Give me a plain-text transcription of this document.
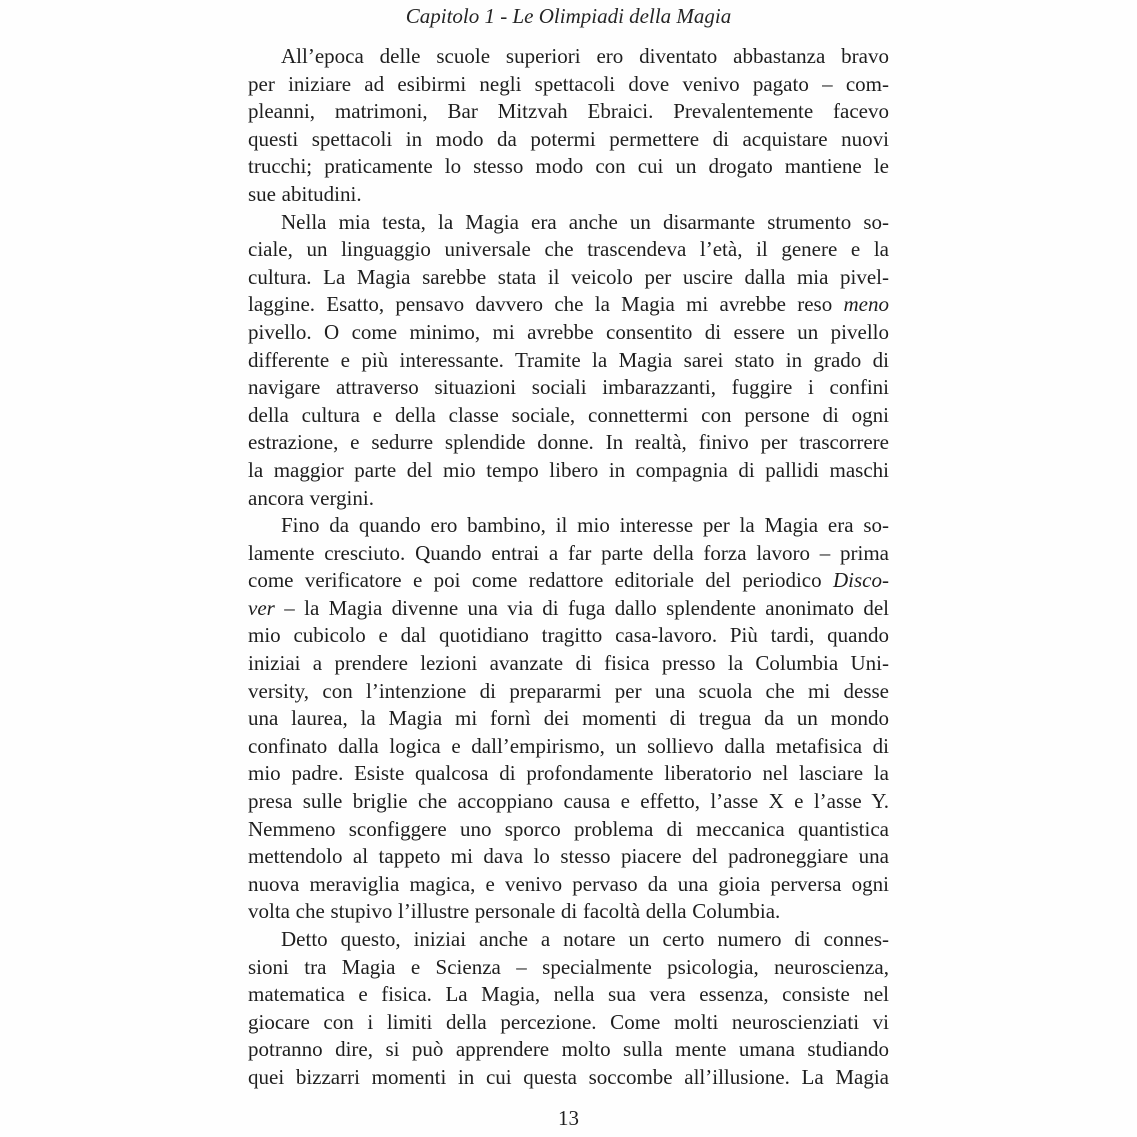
Capitolo 1 - Le Olimpiadi della Magia
All’epoca delle scuole superiori ero diventato abbastanza bravo
per iniziare ad esibirmi negli spettacoli dove venivo pagato – com-
pleanni, matrimoni, Bar Mitzvah Ebraici. Prevalentemente facevo
questi spettacoli in modo da potermi permettere di acquistare nuovi
trucchi; praticamente lo stesso modo con cui un drogato mantiene le
sue abitudini.
Nella mia testa, la Magia era anche un disarmante strumento so-
ciale, un linguaggio universale che trascendeva l’età, il genere e la
cultura. La Magia sarebbe stata il veicolo per uscire dalla mia pivel-
laggine. Esatto, pensavo davvero che la Magia mi avrebbe reso meno
pivello. O come minimo, mi avrebbe consentito di essere un pivello
differente e più interessante. Tramite la Magia sarei stato in grado di
navigare attraverso situazioni sociali imbarazzanti, fuggire i confini
della cultura e della classe sociale, connettermi con persone di ogni
estrazione, e sedurre splendide donne. In realtà, finivo per trascorrere
la maggior parte del mio tempo libero in compagnia di pallidi maschi
ancora vergini.
Fino da quando ero bambino, il mio interesse per la Magia era so-
lamente cresciuto. Quando entrai a far parte della forza lavoro – prima
come verificatore e poi come redattore editoriale del periodico Disco-
ver – la Magia divenne una via di fuga dallo splendente anonimato del
mio cubicolo e dal quotidiano tragitto casa-lavoro. Più tardi, quando
iniziai a prendere lezioni avanzate di fisica presso la Columbia Uni-
versity, con l’intenzione di prepararmi per una scuola che mi desse
una laurea, la Magia mi fornì dei momenti di tregua da un mondo
confinato dalla logica e dall’empirismo, un sollievo dalla metafisica di
mio padre. Esiste qualcosa di profondamente liberatorio nel lasciare la
presa sulle briglie che accoppiano causa e effetto, l’asse X e l’asse Y.
Nemmeno sconfiggere uno sporco problema di meccanica quantistica
mettendolo al tappeto mi dava lo stesso piacere del padroneggiare una
nuova meraviglia magica, e venivo pervaso da una gioia perversa ogni
volta che stupivo l’illustre personale di facoltà della Columbia.
Detto questo, iniziai anche a notare un certo numero di connes-
sioni tra Magia e Scienza – specialmente psicologia, neuroscienza,
matematica e fisica. La Magia, nella sua vera essenza, consiste nel
giocare con i limiti della percezione. Come molti neuroscienziati vi
potranno dire, si può apprendere molto sulla mente umana studiando
quei bizzarri momenti in cui questa soccombe all’illusione. La Magia
13
